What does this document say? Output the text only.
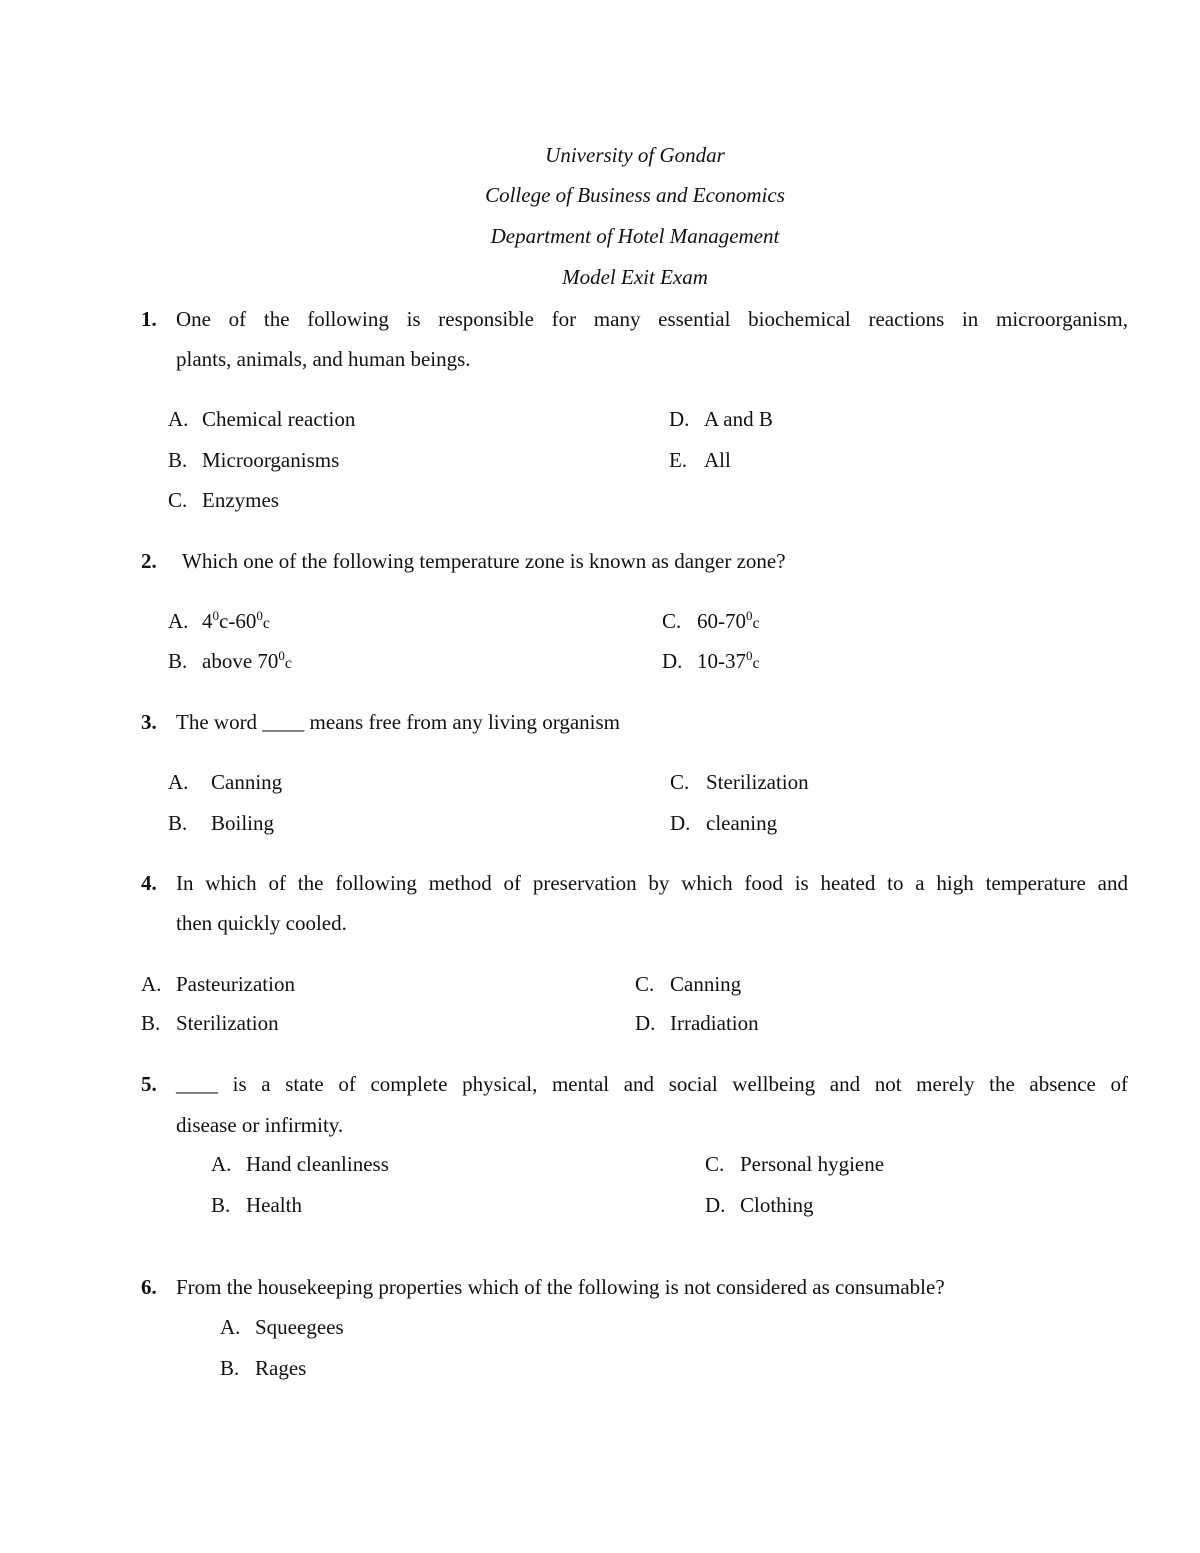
University of Gondar
College of Business and Economics
Department of Hotel Management
Model Exit Exam
1. One of the following is responsible for many essential biochemical reactions in microorganism,
plants, animals, and human beings.
A. Chemical reaction
B. Microorganisms
C. Enzymes
D. A and B
E. All
2. Which one of the following temperature zone is known as danger zone?
A. $4^0c-60^0c$
B. above $70^0c$
C. $60-70^0c$
D. $10-37^0c$
3. The word ____ means free from any living organism
A. Canning
B. Boiling
C. Sterilization
D. cleaning
4. In which of the following method of preservation by which food is heated to a high temperature and
then quickly cooled.
A. Pasteurization
B. Sterilization
C. Canning
D. Irradiation
5. ____ is a state of complete physical, mental and social wellbeing and not merely the absence of
disease or infirmity.
A. Hand cleanliness
B. Health
C. Personal hygiene
D. Clothing
6. From the housekeeping properties which of the following is not considered as consumable?
A. Squeegees
B. Rages
